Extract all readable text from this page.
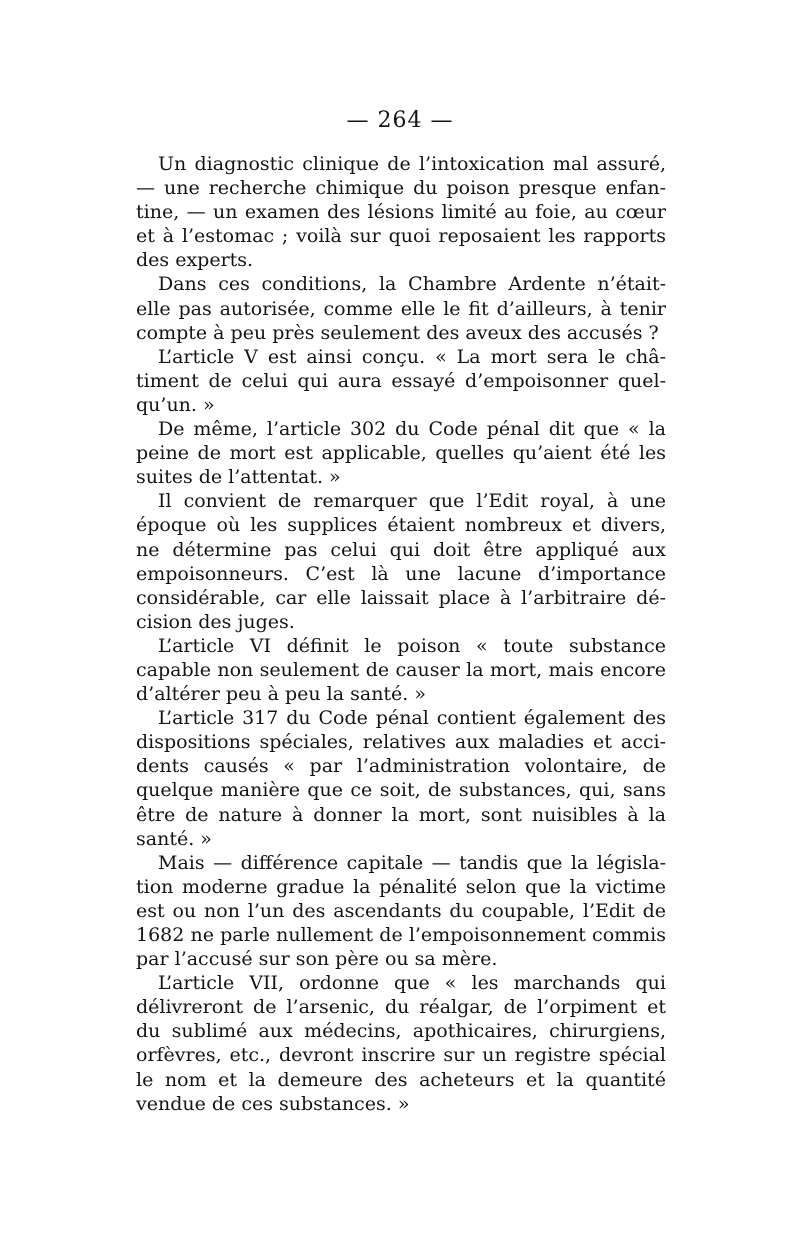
— 264 —

Un diagnostic clinique de l’intoxication mal assuré, — une recherche chimique du poison presque enfantine, — un examen des lésions limité au foie, au cœur et à l’estomac ; voilà sur quoi reposaient les rapports des experts.

Dans ces conditions, la Chambre Ardente n’était-elle pas autorisée, comme elle le fit d’ailleurs, à tenir compte à peu près seulement des aveux des accusés ?

L’article V est ainsi conçu. « La mort sera le châtiment de celui qui aura essayé d’empoisonner quelqu’un. »

De même, l’article 302 du Code pénal dit que « la peine de mort est applicable, quelles qu’aient été les suites de l’attentat. »

Il convient de remarquer que l’Edit royal, à une époque où les supplices étaient nombreux et divers, ne détermine pas celui qui doit être appliqué aux empoisonneurs. C’est là une lacune d’importance considérable, car elle laissait place à l’arbitraire décision des juges.

L’article VI définit le poison « toute substance capable non seulement de causer la mort, mais encore d’altérer peu à peu la santé. »

L’article 317 du Code pénal contient également des dispositions spéciales, relatives aux maladies et accidents causés « par l’administration volontaire, de quelque manière que ce soit, de substances, qui, sans être de nature à donner la mort, sont nuisibles à la santé. »

Mais — différence capitale — tandis que la législation moderne gradue la pénalité selon que la victime est ou non l’un des ascendants du coupable, l’Edit de 1682 ne parle nullement de l’empoisonnement commis par l’accusé sur son père ou sa mère.

L’article VII, ordonne que « les marchands qui délivreront de l’arsenic, du réalgar, de l’orpiment et du sublimé aux médecins, apothicaires, chirurgiens, orfèvres, etc., devront inscrire sur un registre spécial le nom et la demeure des acheteurs et la quantité vendue de ces substances. »
